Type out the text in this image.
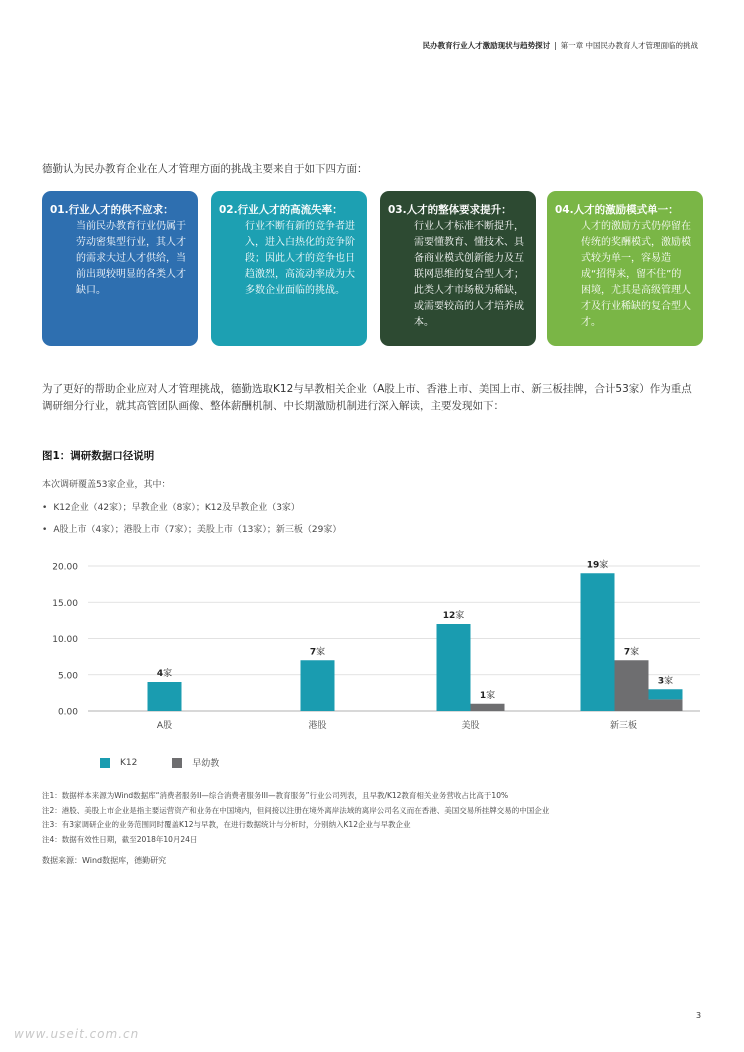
民办教育行业人才激励现状与趋势探讨 | 第一章 中国民办教育人才管理面临的挑战
德勤认为民办教育企业在人才管理方面的挑战主要来自于如下四方面：
01.行业人才的供不应求：
当前民办教育行业仍属于劳动密集型行业，其人才的需求大过人才供给，当前出现较明显的各类人才缺口。
02.行业人才的高流失率：
行业不断有新的竞争者进入，进入白热化的竞争阶段；因此人才的竞争也日趋激烈，高流动率成为大多数企业面临的挑战。
03.人才的整体要求提升：
行业人才标准不断提升，需要懂教育、懂技术、具备商业模式创新能力及互联网思维的复合型人才；此类人才市场极为稀缺，或需要较高的人才培养成本。
04.人才的激励模式单一：
人才的激励方式仍停留在传统的奖酬模式，激励模式较为单一，容易造成“招得来，留不住”的困境，尤其是高级管理人才及行业稀缺的复合型人才。
为了更好的帮助企业应对人才管理挑战，德勤选取K12与早教相关企业（A股上市、香港上市、美国上市、新三板挂牌，合计53家）作为重点调研细分行业，就其高管团队画像、整体薪酬机制、中长期激励机制进行深入解读，主要发现如下：
图1：调研数据口径说明
本次调研覆盖53家企业，其中：
• K12企业（42家）；早教企业（8家）；K12及早教企业（3家）
• A股上市（4家）；港股上市（7家）；美股上市（13家）；新三板（29家）
0.00
5.00
10.00
15.00
20.00
A股	港股	美股	新三板
4家
7家
12家
1家
19家
7家
3家
K12
	早幼教
注1：数据样本来源为Wind数据库“消费者服务II—综合消费者服务III—教育服务”行业公司列表，且早教/K12教育相关业务营收占比高于10%
注2：港股、美股上市企业是指主要运营资产和业务在中国境内，但间接以注册在境外离岸法域的离岸公司名义而在香港、美国交易所挂牌交易的中国企业
注3：有3家调研企业的业务范围同时覆盖K12与早教，在进行数据统计与分析时，分别纳入K12企业与早教企业
注4：数据有效性日期，截至2018年10月24日
数据来源：Wind数据库，德勤研究
3
www.useit.com.cn
